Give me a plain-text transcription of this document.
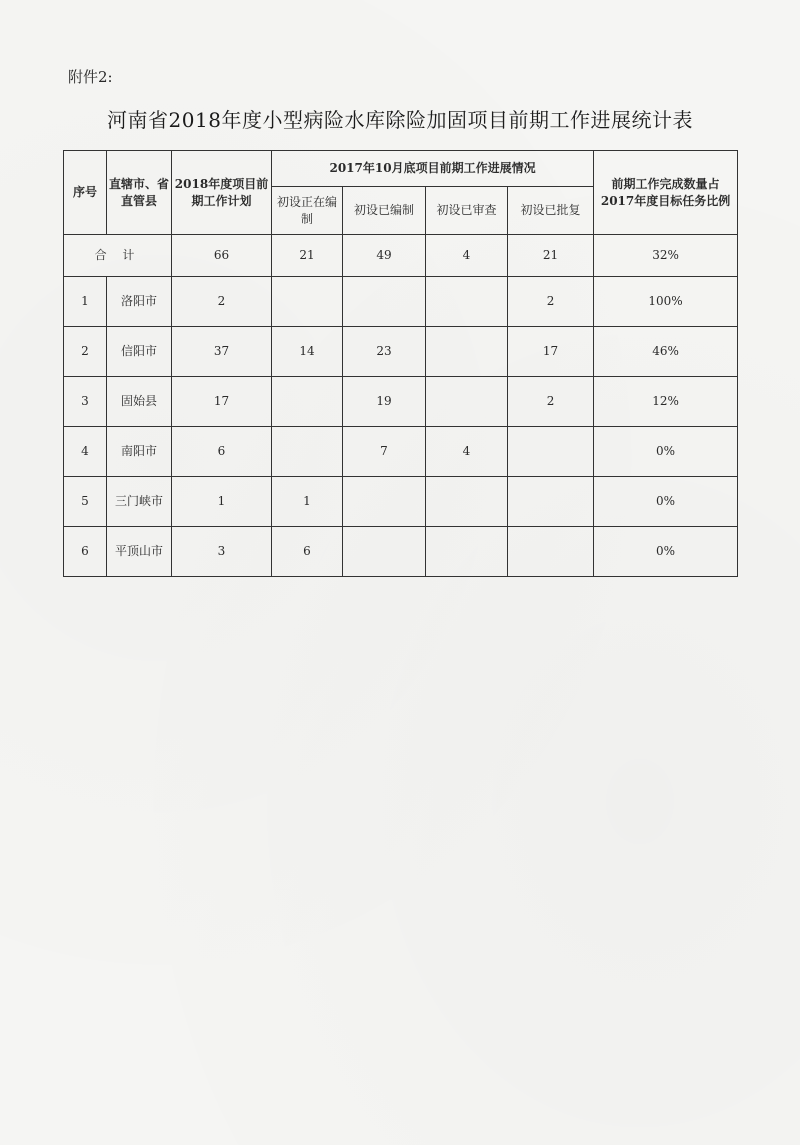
附件2:
河南省2018年度小型病险水库除险加固项目前期工作进展统计表
序号	直辖市、省直管县	2018年度项目前期工作计划	2017年10月底项目前期工作进展情况				前期工作完成数量占2017年度目标任务比例
			初设正在编制	初设已编制	初设已审查	初设已批复	
合 计		66	21	49	4	21	32%
1	洛阳市	2				2	100%
2	信阳市	37	14	23		17	46%
3	固始县	17		19		2	12%
4	南阳市	6		7	4		0%
5	三门峡市	1	1				0%
6	平顶山市	3	6				0%
